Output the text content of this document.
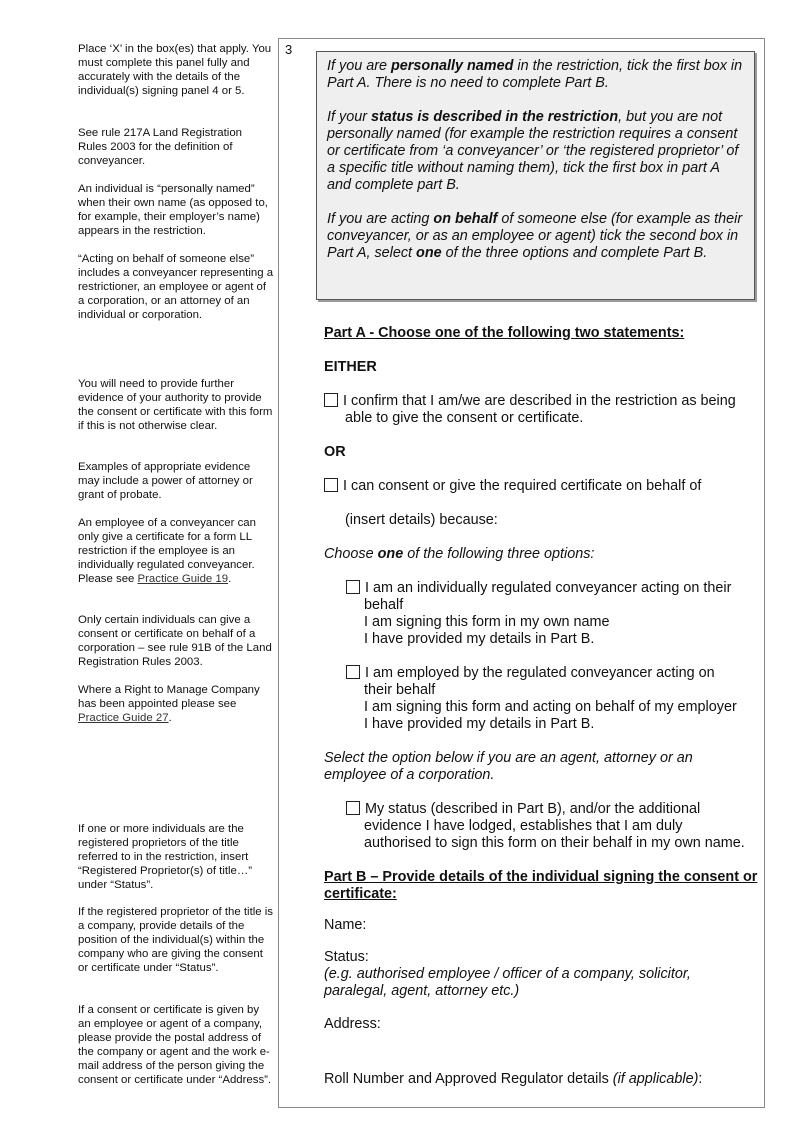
Place ‘X’ in the box(es) that apply. You must complete this panel fully and accurately with the details of the individual(s) signing panel 4 or 5.

See rule 217A Land Registration Rules 2003 for the definition of conveyancer.

An individual is “personally named” when their own name (as opposed to, for example, their employer’s name) appears in the restriction.

“Acting on behalf of someone else” includes a conveyancer representing a restrictioner, an employee or agent of a corporation, or an attorney of an individual or corporation.

You will need to provide further evidence of your authority to provide the consent or certificate with this form if this is not otherwise clear.

Examples of appropriate evidence may include a power of attorney or grant of probate.

An employee of a conveyancer can only give a certificate for a form LL restriction if the employee is an individually regulated conveyancer. Please see Practice Guide 19.

Only certain individuals can give a consent or certificate on behalf of a corporation – see rule 91B of the Land Registration Rules 2003.

Where a Right to Manage Company has been appointed please see Practice Guide 27.

If one or more individuals are the registered proprietors of the title referred to in the restriction, insert “Registered Proprietor(s) of title…” under “Status”.

If the registered proprietor of the title is a company, provide details of the position of the individual(s) within the company who are giving the consent or certificate under “Status”.

If a consent or certificate is given by an employee or agent of a company, please provide the postal address of the company or agent and the work e-mail address of the person giving the consent or certificate under “Address”.

3

If you are personally named in the restriction, tick the first box in Part A. There is no need to complete Part B.

If your status is described in the restriction, but you are not personally named (for example the restriction requires a consent or certificate from ‘a conveyancer’ or ‘the registered proprietor’ of a specific title without naming them), tick the first box in part A and complete part B.

If you are acting on behalf of someone else (for example as their conveyancer, or as an employee or agent) tick the second box in Part A, select one of the three options and complete Part B.

Part A - Choose one of the following two statements:
EITHER
I confirm that I am/we are described in the restriction as being
able to give the consent or certificate.
OR
I can consent or give the required certificate on behalf of
(insert details) because:
Choose one of the following three options:
I am an individually regulated conveyancer acting on their
behalf
I am signing this form in my own name
I have provided my details in Part B.
I am employed by the regulated conveyancer acting on
their behalf
I am signing this form and acting on behalf of my employer
I have provided my details in Part B.
Select the option below if you are an agent, attorney or an employee of a corporation.
My status (described in Part B), and/or the additional
evidence I have lodged, establishes that I am duly
authorised to sign this form on their behalf in my own name.
Part B – Provide details of the individual signing the consent or certificate:
Name:
Status:
(e.g. authorised employee / officer of a company, solicitor, paralegal, agent, attorney etc.)
Address:
Roll Number and Approved Regulator details (if applicable):
